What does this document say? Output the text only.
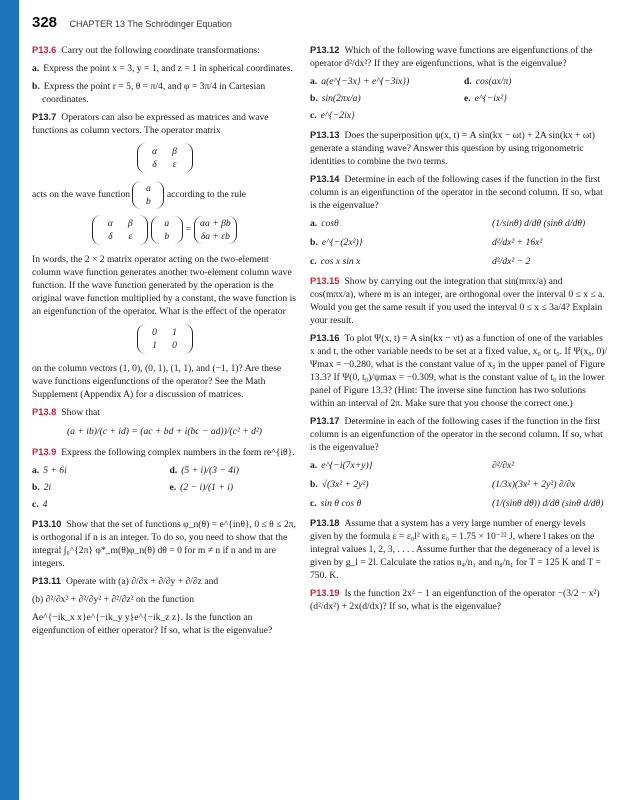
328 CHAPTER 13 The Schrödinger Equation

P13.6 Carry out the following coordinate transformations:

a. Express the point x = 3, y = 1, and z = 1 in spherical coordinates.

b. Express the point r = 5, θ = π/4, and φ = 3π/4 in Cartesian coordinates.

P13.7 Operators can also be expressed as matrices and wave functions as column vectors. The operator matrix

α β
δ ε

acts on the wave function a
b according to the rule

α β
δ ε a
b = αa + βb
δa + εb

In words, the 2 × 2 matrix operator acting on the two-element column wave function generates another two-element column wave function. If the wave function generated by the operation is the original wave function multiplied by a constant, the wave function is an eigenfunction of the operator. What is the effect of the operator

0 1
1 0

on the column vectors (1, 0), (0, 1), (1, 1), and (−1, 1)? Are these wave functions eigenfunctions of the operator? See the Math Supplement (Appendix A) for a discussion of matrices.

P13.8 Show that

(a + ib)/(c + id) = (ac + bd + i(bc − ad))/(c² + d²)

P13.9 Express the following complex numbers in the form re^{iθ}.

a. 5 + 6i	d. (5 + i)/(3 − 4i)
b. 2i	e. (2 − i)/(1 + i)
c. 4

P13.10 Show that the set of functions φ_n(θ) = e^{inθ}, 0 ≤ θ ≤ 2π, is orthogonal if n is an integer. To do so, you need to show that the integral ∫₀^{2π} φ*_m(θ)φ_n(θ) dθ = 0 for m ≠ n if n and m are integers.

P13.11 Operate with (a) ∂/∂x + ∂/∂y + ∂/∂z and

(b) ∂²/∂x² + ∂²/∂y² + ∂²/∂z² on the function

Ae^{−ik_x x}e^{−ik_y y}e^{−ik_z z}. Is the function an eigenfunction of either operator? If so, what is the eigenvalue?

P13.12 Which of the following wave functions are eigenfunctions of the operator d²/dx²? If they are eigenfunctions, what is the eigenvalue?

a. a(e^{−3x} + e^{−3ix})	d. cos(ax/π)
b. sin(2πx/a)	e. e^{−ix²}
c. e^{−2ix}

P13.13 Does the superposition ψ(x, t) = A sin(kx − ωt) + 2A sin(kx + ωt) generate a standing wave? Answer this question by using trigonometric identities to combine the two terms.

P13.14 Determine in each of the following cases if the function in the first column is an eigenfunction of the operator in the second column. If so, what is the eigenvalue?

a. cosθ	(1/sinθ) d/dθ (sinθ d/dθ)
b. e^{−(2x²)}	d²/dx² + 16x²
c. cos x sin x	d²/dx² − 2

P13.15 Show by carrying out the integration that sin(mπx/a) and cos(mπx/a), where m is an integer, are orthogonal over the interval 0 ≤ x ≤ a. Would you get the same result if you used the interval 0 ≤ x ≤ 3a/4? Explain your result.

P13.16 To plot Ψ(x, t) = A sin(kx − νt) as a function of one of the variables x and t, the other variable needs to be set at a fixed value, x₀ or t₀. If Ψ(x₀, 0)/Ψmax = −0.280, what is the constant value of x₀ in the upper panel of Figure 13.3? If Ψ(0, t₀)/ψmax = −0.309, what is the constant value of t₀ in the lower panel of Figure 13.3? (Hint: The inverse sine function has two solutions within an interval of 2π. Make sure that you choose the correct one.)

P13.17 Determine in each of the following cases if the function in the first column is an eigenfunction of the operator in the second column. If so, what is the eigenvalue?

a. e^{−i(7x+y)}	∂²/∂x²
b. √(3x² + 2y²)	(1/3x)(3x² + 2y²) ∂/∂x
c. sin θ cos θ	(1/(sinθ dθ)) d/dθ (sinθ d/dθ)

P13.18 Assume that a system has a very large number of energy levels given by the formula ε = ε₀l² with ε₀ = 1.75 × 10⁻²² J, where l takes on the integral values 1, 2, 3, . . . . Assume further that the degeneracy of a level is given by g_l = 2l. Calculate the ratios n₄/n₁ and n₈/n₁ for T = 125 K and T = 750. K.

P13.19 Is the function 2x² − 1 an eigenfunction of the operator −(3/2 − x²)(d²/dx²) + 2x(d/dx)? If so, what is the eigenvalue?
